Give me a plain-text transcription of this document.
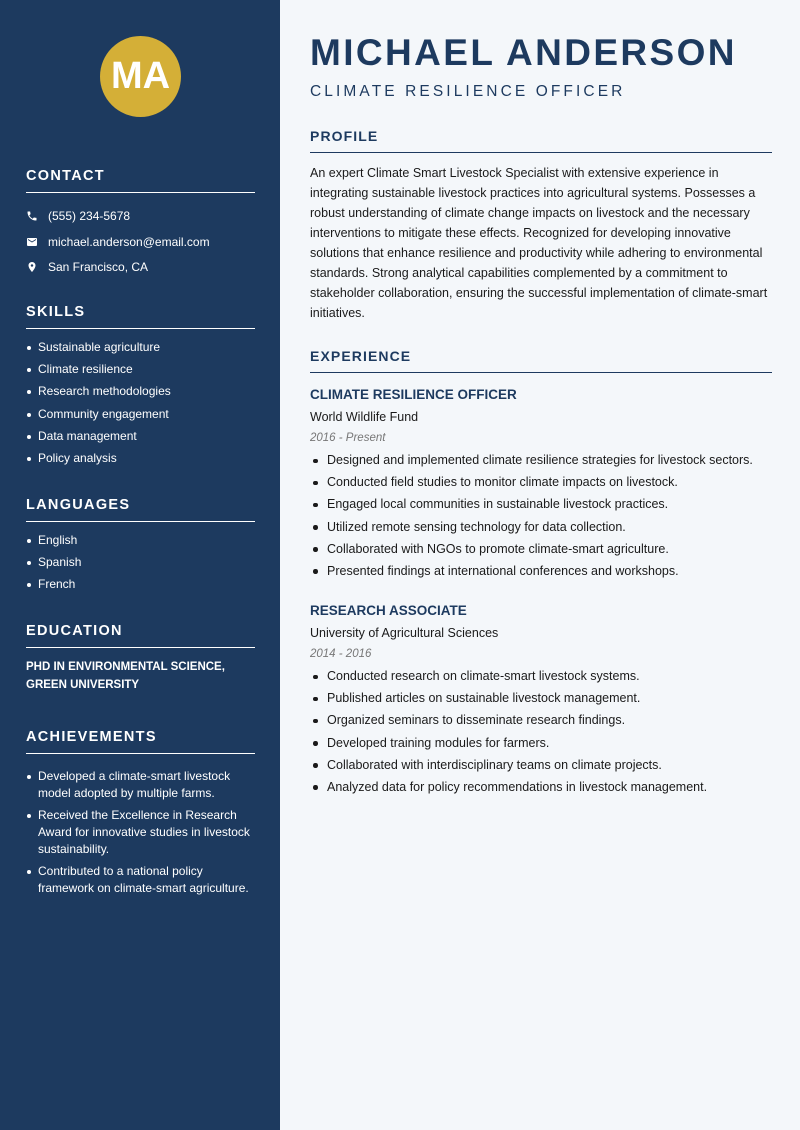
MA
CONTACT
(555) 234-5678
michael.anderson@email.com
San Francisco, CA
SKILLS
Sustainable agriculture
Climate resilience
Research methodologies
Community engagement
Data management
Policy analysis
LANGUAGES
English
Spanish
French
EDUCATION
PHD IN ENVIRONMENTAL SCIENCE,
GREEN UNIVERSITY
ACHIEVEMENTS
Developed a climate-smart livestock model adopted by multiple farms.
Received the Excellence in Research Award for innovative studies in livestock sustainability.
Contributed to a national policy framework on climate-smart agriculture.
MICHAEL ANDERSON
CLIMATE RESILIENCE OFFICER
PROFILE

An expert Climate Smart Livestock Specialist with extensive experience in integrating sustainable livestock practices into agricultural systems. Possesses a robust understanding of climate change impacts on livestock and the necessary interventions to mitigate these effects. Recognized for developing innovative solutions that enhance resilience and productivity while adhering to environmental standards. Strong analytical capabilities complemented by a commitment to stakeholder collaboration, ensuring the successful implementation of climate-smart initiatives.

EXPERIENCE
CLIMATE RESILIENCE OFFICER
World Wildlife Fund
2016 - Present
Designed and implemented climate resilience strategies for livestock sectors.
Conducted field studies to monitor climate impacts on livestock.
Engaged local communities in sustainable livestock practices.
Utilized remote sensing technology for data collection.
Collaborated with NGOs to promote climate-smart agriculture.
Presented findings at international conferences and workshops.
RESEARCH ASSOCIATE
University of Agricultural Sciences
2014 - 2016
Conducted research on climate-smart livestock systems.
Published articles on sustainable livestock management.
Organized seminars to disseminate research findings.
Developed training modules for farmers.
Collaborated with interdisciplinary teams on climate projects.
Analyzed data for policy recommendations in livestock management.
